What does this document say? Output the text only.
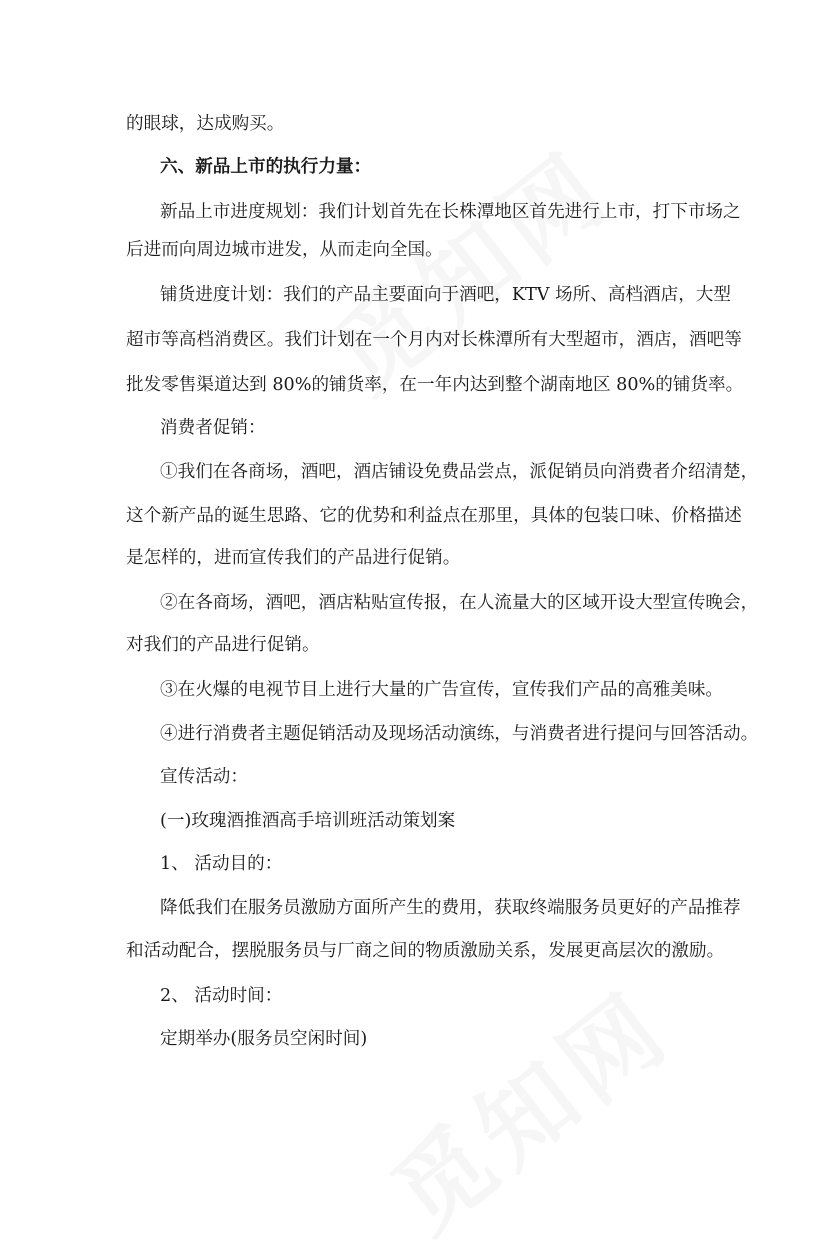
的眼球，达成购买。
六、新品上市的执行力量：
新品上市进度规划：我们计划首先在长株潭地区首先进行上市，打下市场之
后进而向周边城市进发，从而走向全国。
铺货进度计划：我们的产品主要面向于酒吧，KTV 场所、高档酒店，大型
超市等高档消费区。我们计划在一个月内对长株潭所有大型超市，酒店，酒吧等
批发零售渠道达到 80%的铺货率，在一年内达到整个湖南地区 80%的铺货率。
消费者促销：
①我们在各商场，酒吧，酒店铺设免费品尝点，派促销员向消费者介绍清楚，
这个新产品的诞生思路、它的优势和利益点在那里，具体的包装口味、价格描述
是怎样的，进而宣传我们的产品进行促销。
②在各商场，酒吧，酒店粘贴宣传报，在人流量大的区域开设大型宣传晚会，
对我们的产品进行促销。
③在火爆的电视节目上进行大量的广告宣传，宣传我们产品的高雅美味。
④进行消费者主题促销活动及现场活动演练，与消费者进行提问与回答活动。
宣传活动：
(一)玫瑰酒推酒高手培训班活动策划案
1、 活动目的：
降低我们在服务员激励方面所产生的费用，获取终端服务员更好的产品推荐
和活动配合，摆脱服务员与厂商之间的物质激励关系，发展更高层次的激励。
2、 活动时间：
定期举办(服务员空闲时间)
